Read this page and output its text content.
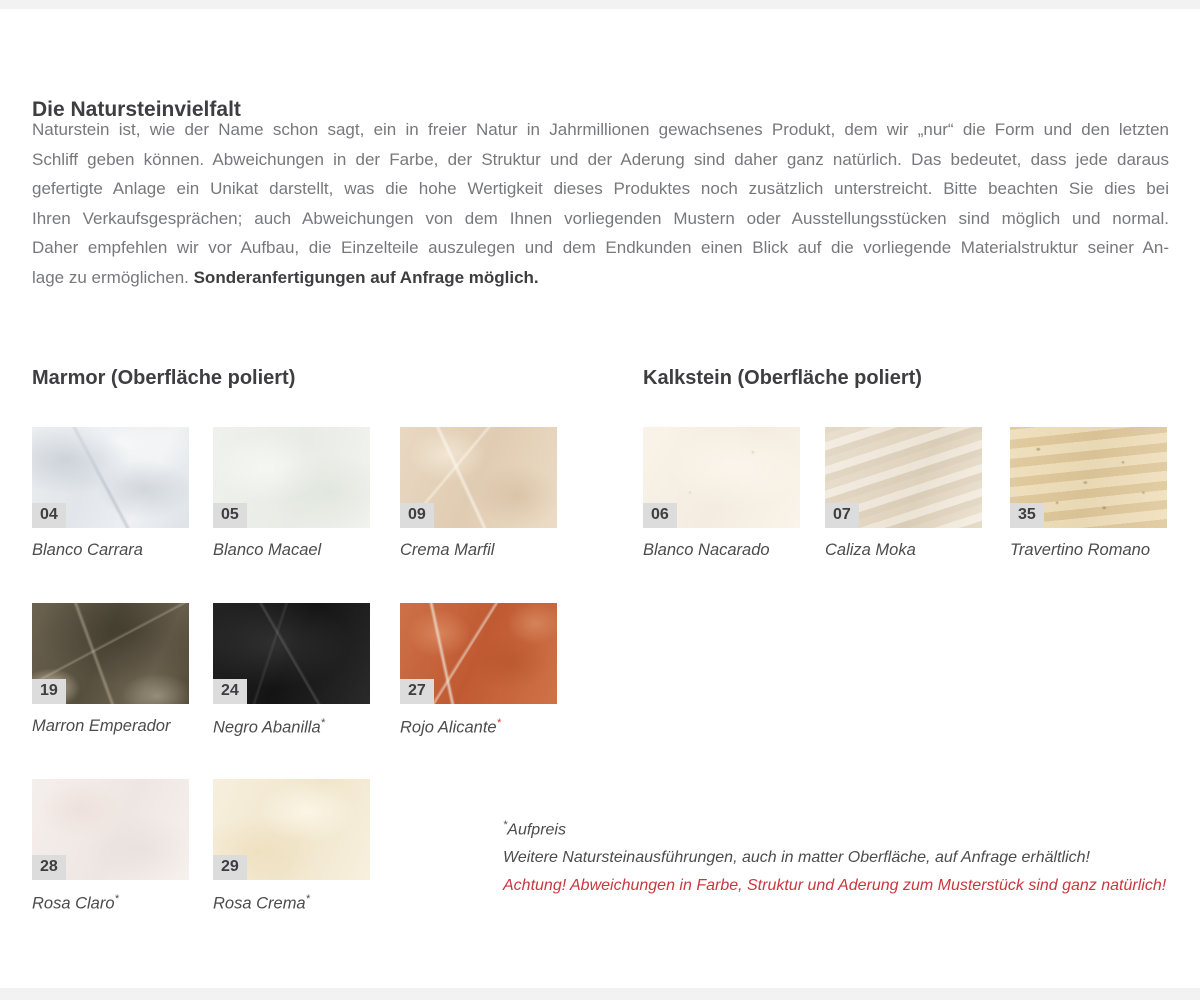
Die Natursteinvielfalt
Naturstein ist, wie der Name schon sagt, ein in freier Natur in Jahrmillionen gewachsenes Produkt, dem wir „nur“ die Form und den letzten
Schliff geben können. Abweichungen in der Farbe, der Struktur und der Aderung sind daher ganz natürlich. Das bedeutet, dass jede daraus
gefertigte Anlage ein Unikat darstellt, was die hohe Wertigkeit dieses Produktes noch zusätzlich unterstreicht. Bitte beachten Sie dies bei
Ihren Verkaufsgesprächen; auch Abweichungen von dem Ihnen vorliegenden Mustern oder Ausstellungsstücken sind möglich und normal.
Daher empfehlen wir vor Aufbau, die Einzelteile auszulegen und dem Endkunden einen Blick auf die vorliegende Materialstruktur seiner An-
lage zu ermöglichen. Sonderanfertigungen auf Anfrage möglich.
Marmor (Oberfläche poliert)	Kalkstein (Oberfläche poliert)
04
Blanco Carrara
05
Blanco Macael
09
Crema Marfil
19
Marron Emperador
24
Negro Abanilla*
27
Rojo Alicante*
28
Rosa Claro*
29
Rosa Crema*
06
Blanco Nacarado
07
Caliza Moka
35
Travertino Romano
*Aufpreis
Weitere Natursteinausführungen, auch in matter Oberfläche, auf Anfrage erhältlich!
Achtung! Abweichungen in Farbe, Struktur und Aderung zum Musterstück sind ganz natürlich!
